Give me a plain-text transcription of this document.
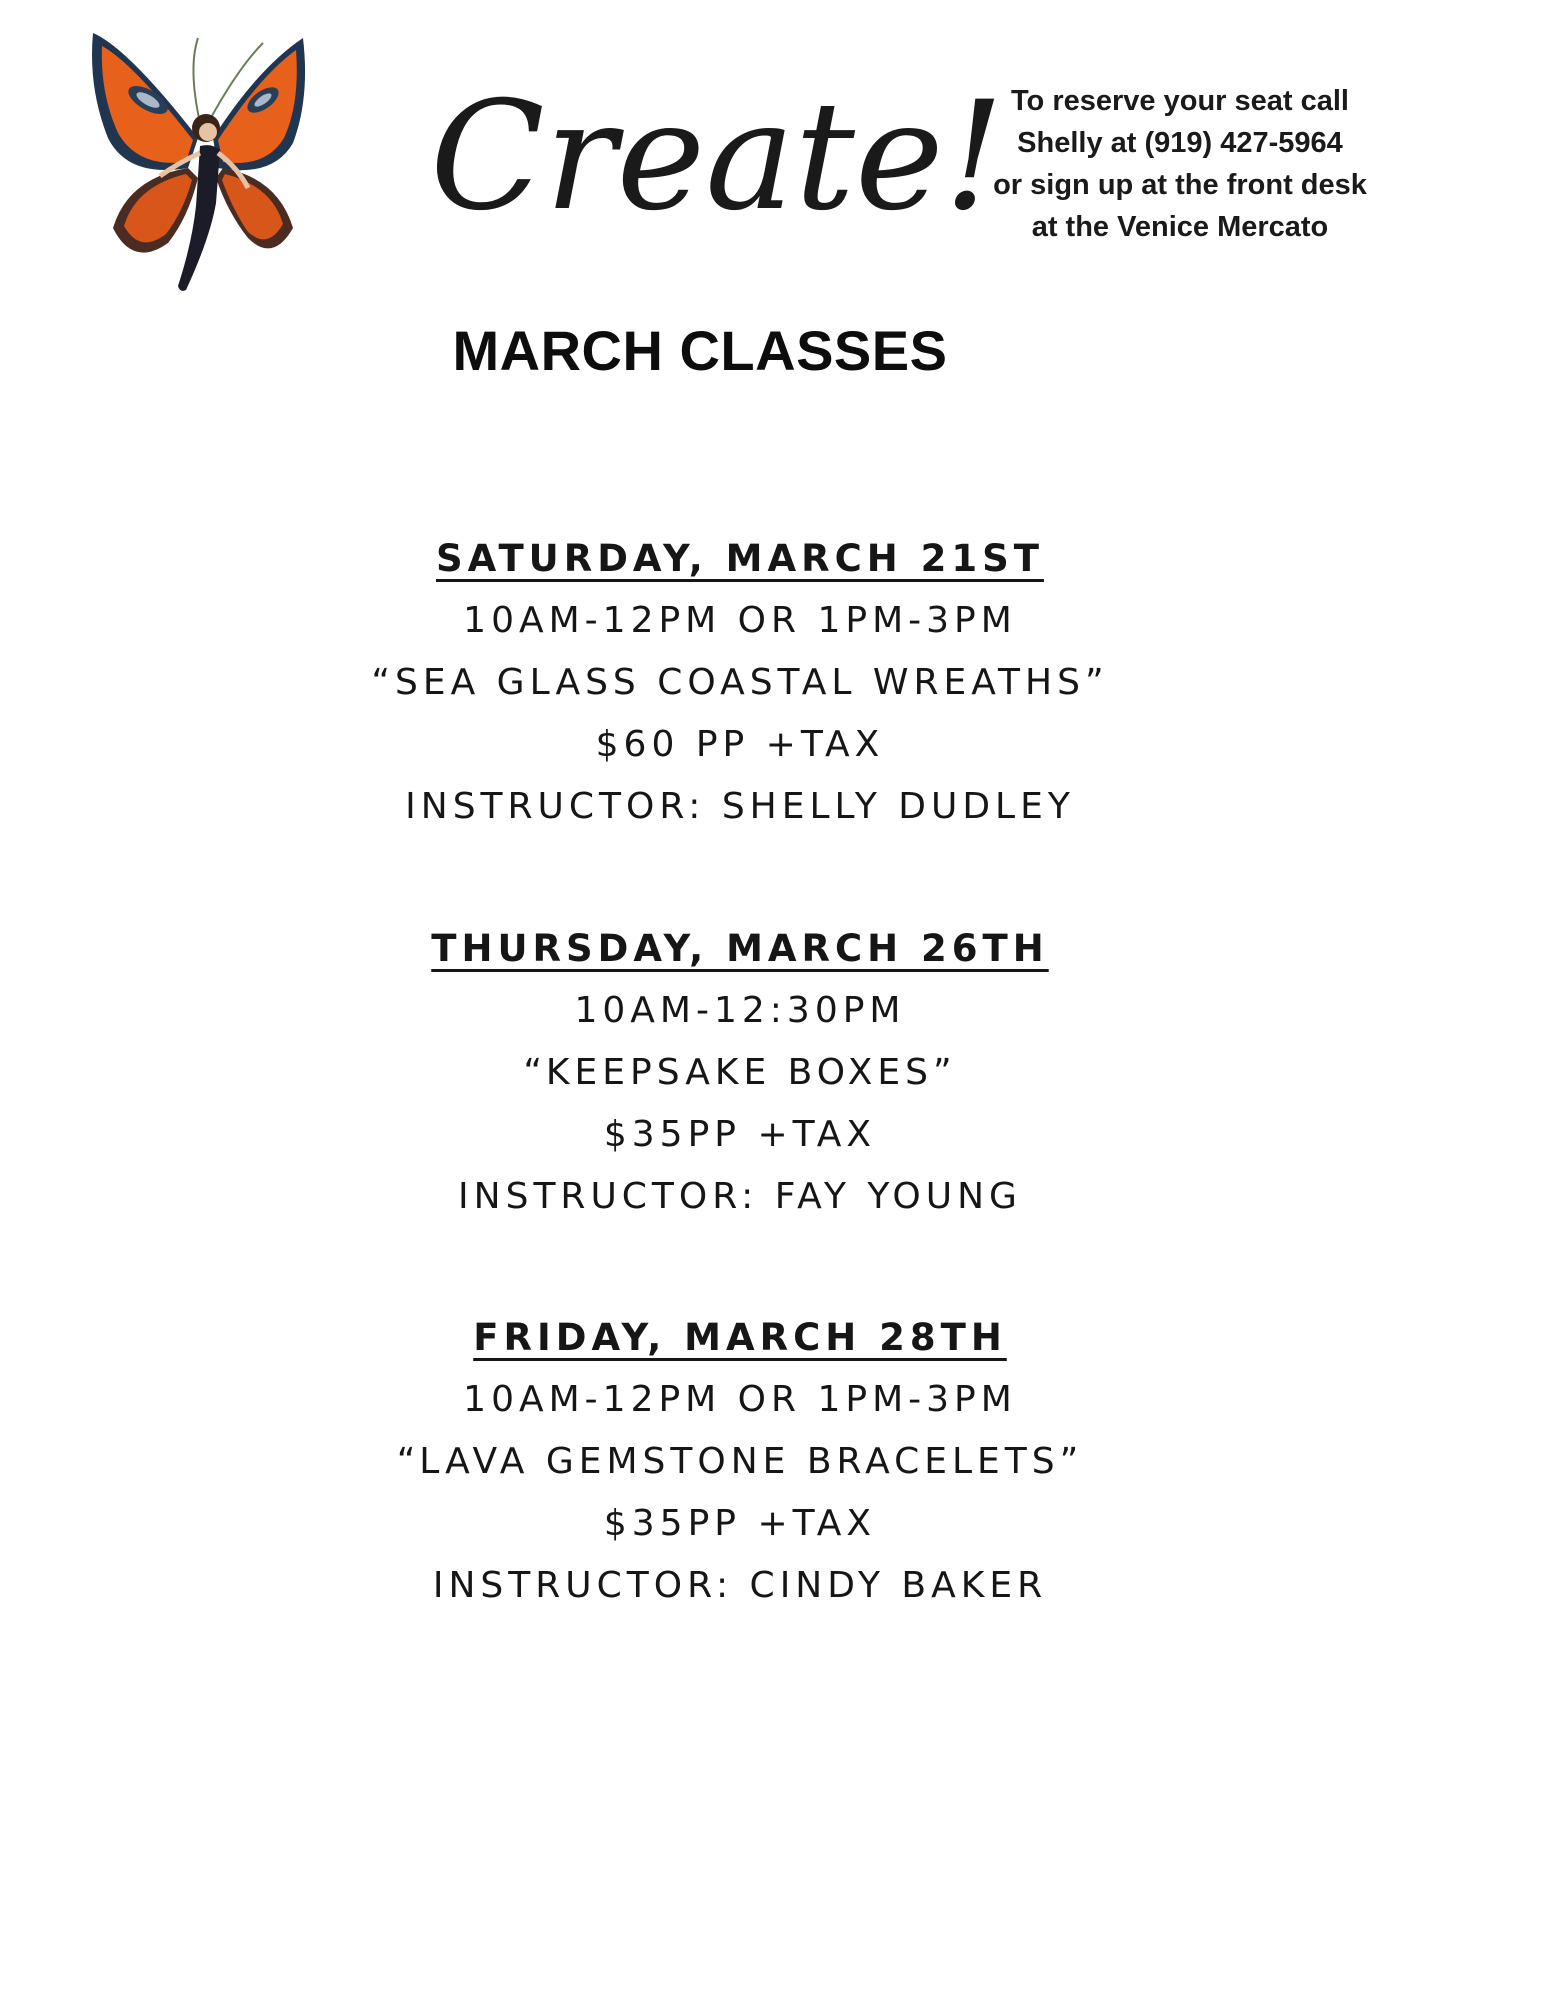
Create! To reserve your seat call
Shelly at (919) 427-5964
or sign up at the front desk
at the Venice Mercato
MARCH CLASSES
SATURDAY, MARCH 21ST
10AM-12PM OR 1PM-3PM
“SEA GLASS COASTAL WREATHS”
$60 PP +TAX
INSTRUCTOR: SHELLY DUDLEY
THURSDAY, MARCH 26TH
10AM-12:30PM
“KEEPSAKE BOXES”
$35PP +TAX
INSTRUCTOR: FAY YOUNG
FRIDAY, MARCH 28TH
10AM-12PM OR 1PM-3PM
“LAVA GEMSTONE BRACELETS”
$35PP +TAX
INSTRUCTOR: CINDY BAKER
